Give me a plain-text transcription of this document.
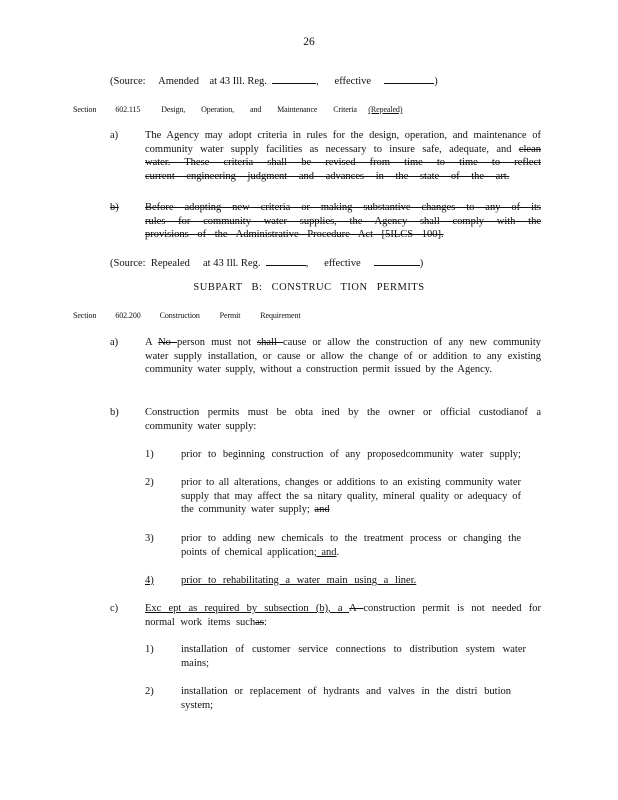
26
(Source: Amended at 43 Ill. Reg.	, effective	)
Section 602.115	Design, Operation, and Maintenance Criteria (Repealed)
a)	The Agency may adopt criteria in rules for the design, operation, and maintenance of community water supply facilities as necessary to insure safe, adequate, and clean water. These criteria shall be revised from time to time to reflect current engineering judgment and advances in the state of the art.
b)	Before adopting new criteria or making substantive changes to any of its rules for community water supplies, the Agency shall comply with the provisions of the Administrative Procedure Act [5ILCS 100].
(Source: Repealed at 43 Ill. Reg.	, effective	)
SUBPART B: CONSTRUC TION PERMITS
Section 602.200 Construction Permit Requirement
a)	A No person must not shall cause or allow the construction of any new community water supply installation, or cause or allow the change of or addition to any existing community water supply, without a construction permit issued by the Agency.
b)	Construction permits must be obta ined by the owner or official custodianof a community water supply:
1)	prior to beginning construction of any proposedcommunity water supply;
2)	prior to all alterations, changes or additions to an existing community water supply that may affect the sa nitary quality, mineral quality or adequacy of the community water supply; and
3)	prior to adding new chemicals to the treatment process or changing the points of chemical application; and.
4)	prior to rehabilitating a water main using a liner.
c)	Exc ept as required by subsection (b), a A construction permit is not needed for normal work items suchas:
1)	installation of customer service connections to distribution system water mains;
2)	installation or replacement of hydrants and valves in the distri bution system;
